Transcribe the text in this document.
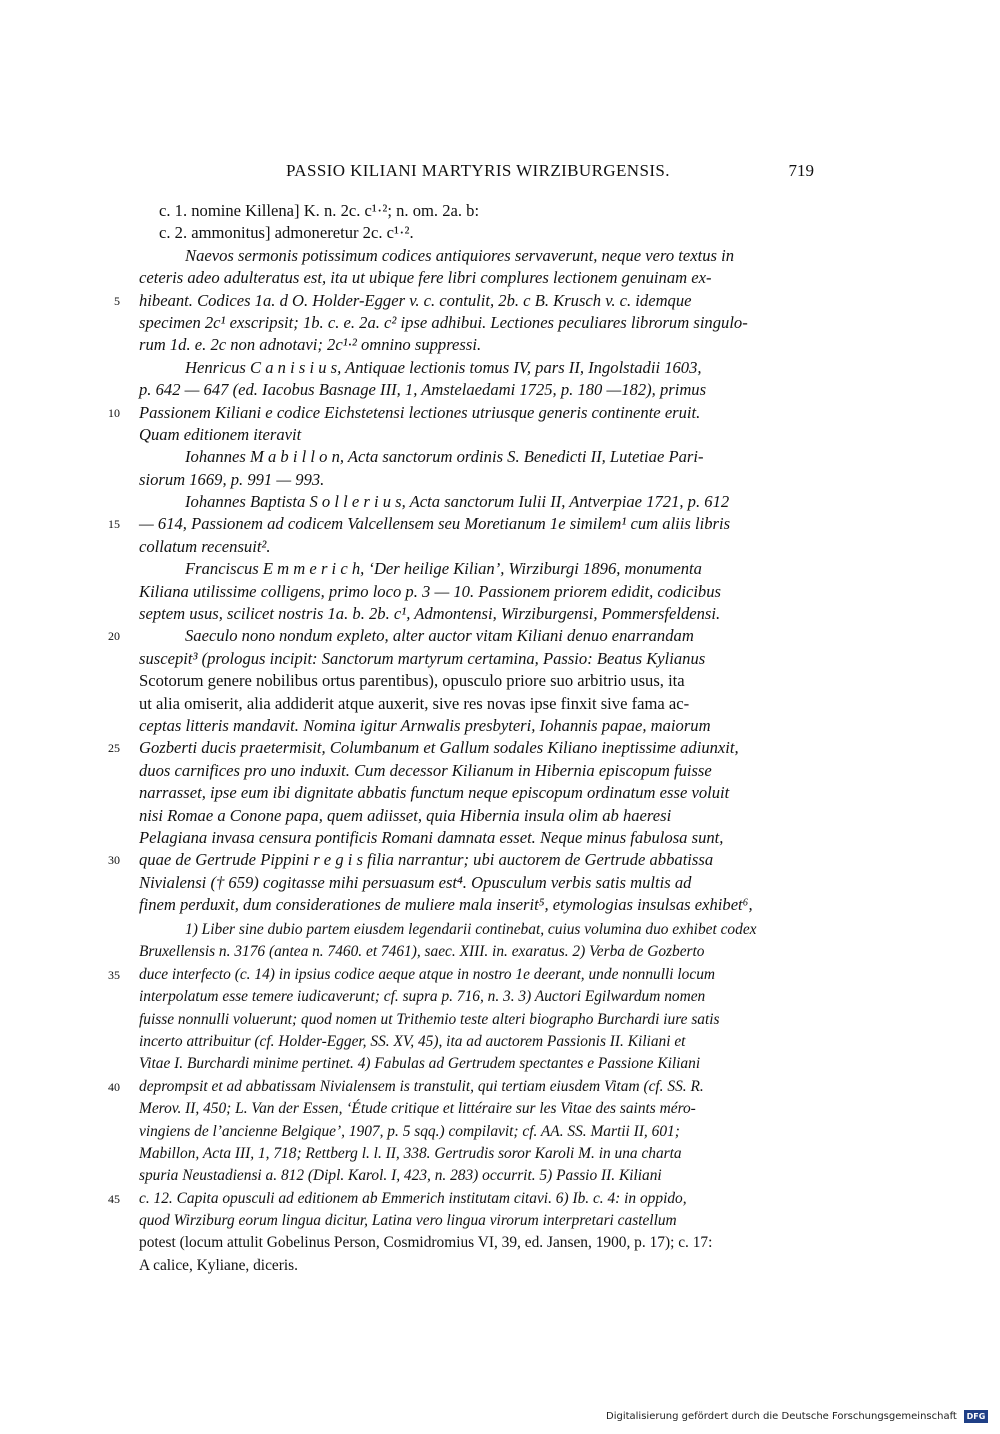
PASSIO KILIANI MARTYRIS WIRZIBURGENSIS.	719
c. 1. nomine Killena] K. n. 2c. c¹·²; n. om. 2a. b:
c. 2. ammonitus] admoneretur 2c. c¹·².
Naevos sermonis potissimum codices antiquiores servaverunt, neque vero textus in
ceteris adeo adulteratus est, ita ut ubique fere libri complures lectionem genuinam ex-
5 hibeant. Codices 1a. d O. Holder-Egger v. c. contulit, 2b. c B. Krusch v. c. idemque
specimen 2c¹ exscripsit; 1b. c. e. 2a. c² ipse adhibui. Lectiones peculiares librorum singulo-
rum 1d. e. 2c non adnotavi; 2c¹·² omnino suppressi.
Henricus C a n i s i u s, Antiquae lectionis tomus IV, pars II, Ingolstadii 1603,
p. 642 — 647 (ed. Iacobus Basnage III, 1, Amstelaedami 1725, p. 180 —182), primus
10 Passionem Kiliani e codice Eichstetensi lectiones utriusque generis continente eruit.
Quam editionem iteravit
Iohannes M a b i l l o n, Acta sanctorum ordinis S. Benedicti II, Lutetiae Pari-
siorum 1669, p. 991 — 993.
Iohannes Baptista S o l l e r i u s, Acta sanctorum Iulii II, Antverpiae 1721, p. 612
15 — 614, Passionem ad codicem Valcellensem seu Moretianum 1e similem¹ cum aliis libris
collatum recensuit².
Franciscus E m m e r i c h, ‘Der heilige Kilian’, Wirziburgi 1896, monumenta
Kiliana utilissime colligens, primo loco p. 3 — 10. Passionem priorem edidit, codicibus
septem usus, scilicet nostris 1a. b. 2b. c¹, Admontensi, Wirziburgensi, Pommersfeldensi.
20	Saeculo nono nondum expleto, alter auctor vitam Kiliani denuo enarrandam
suscepit³ (prologus incipit: Sanctorum martyrum certamina, Passio: Beatus Kylianus
Scotorum genere nobilibus ortus parentibus), opusculo priore suo arbitrio usus, ita
ut alia omiserit, alia addiderit atque auxerit, sive res novas ipse finxit sive fama ac-
ceptas litteris mandavit. Nomina igitur Arnwalis presbyteri, Iohannis papae, maiorum
25 Gozberti ducis praetermisit, Columbanum et Gallum sodales Kiliano ineptissime adiunxit,
duos carnifices pro uno induxit. Cum decessor Kilianum in Hibernia episcopum fuisse
narrasset, ipse eum ibi dignitate abbatis functum neque episcopum ordinatum esse voluit
nisi Romae a Conone papa, quem adiisset, quia Hibernia insula olim ab haeresi
Pelagiana invasa censura pontificis Romani damnata esset. Neque minus fabulosa sunt,
30 quae de Gertrude Pippini r e g i s filia narrantur; ubi auctorem de Gertrude abbatissa
Nivialensi († 659) cogitasse mihi persuasum est⁴. Opusculum verbis satis multis ad
finem perduxit, dum considerationes de muliere mala inserit⁵, etymologias insulsas exhibet⁶,
1) Liber sine dubio partem eiusdem legendarii continebat, cuius volumina duo exhibet codex
Bruxellensis n. 3176 (antea n. 7460. et 7461), saec. XIII. in. exaratus. 2) Verba de Gozberto
35 duce interfecto (c. 14) in ipsius codice aeque atque in nostro 1e deerant, unde nonnulli locum
interpolatum esse temere iudicaverunt; cf. supra p. 716, n. 3. 3) Auctori Egilwardum nomen
fuisse nonnulli voluerunt; quod nomen ut Trithemio teste alteri biographo Burchardi iure satis
incerto attribuitur (cf. Holder-Egger, SS. XV, 45), ita ad auctorem Passionis II. Kiliani et
Vitae I. Burchardi minime pertinet. 4) Fabulas ad Gertrudem spectantes e Passione Kiliani
40 deprompsit et ad abbatissam Nivialensem is transtulit, qui tertiam eiusdem Vitam (cf. SS. R.
Merov. II, 450; L. Van der Essen, ‘Étude critique et littéraire sur les Vitae des saints méro-
vingiens de l’ancienne Belgique’, 1907, p. 5 sqq.) compilavit; cf. AA. SS. Martii II, 601;
Mabillon, Acta III, 1, 718; Rettberg l. l. II, 338. Gertrudis soror Karoli M. in una charta
spuria Neustadiensi a. 812 (Dipl. Karol. I, 423, n. 283) occurrit. 5) Passio II. Kiliani
45 c. 12. Capita opusculi ad editionem ab Emmerich institutam citavi. 6) Ib. c. 4: in oppido,
quod Wirziburg eorum lingua dicitur, Latina vero lingua virorum interpretari castellum
potest (locum attulit Gobelinus Person, Cosmidromius VI, 39, ed. Jansen, 1900, p. 17); c. 17:
A calice, Kyliane, diceris.
Digitalisierung gefördert durch die Deutsche Forschungsgemeinschaft	DFG
